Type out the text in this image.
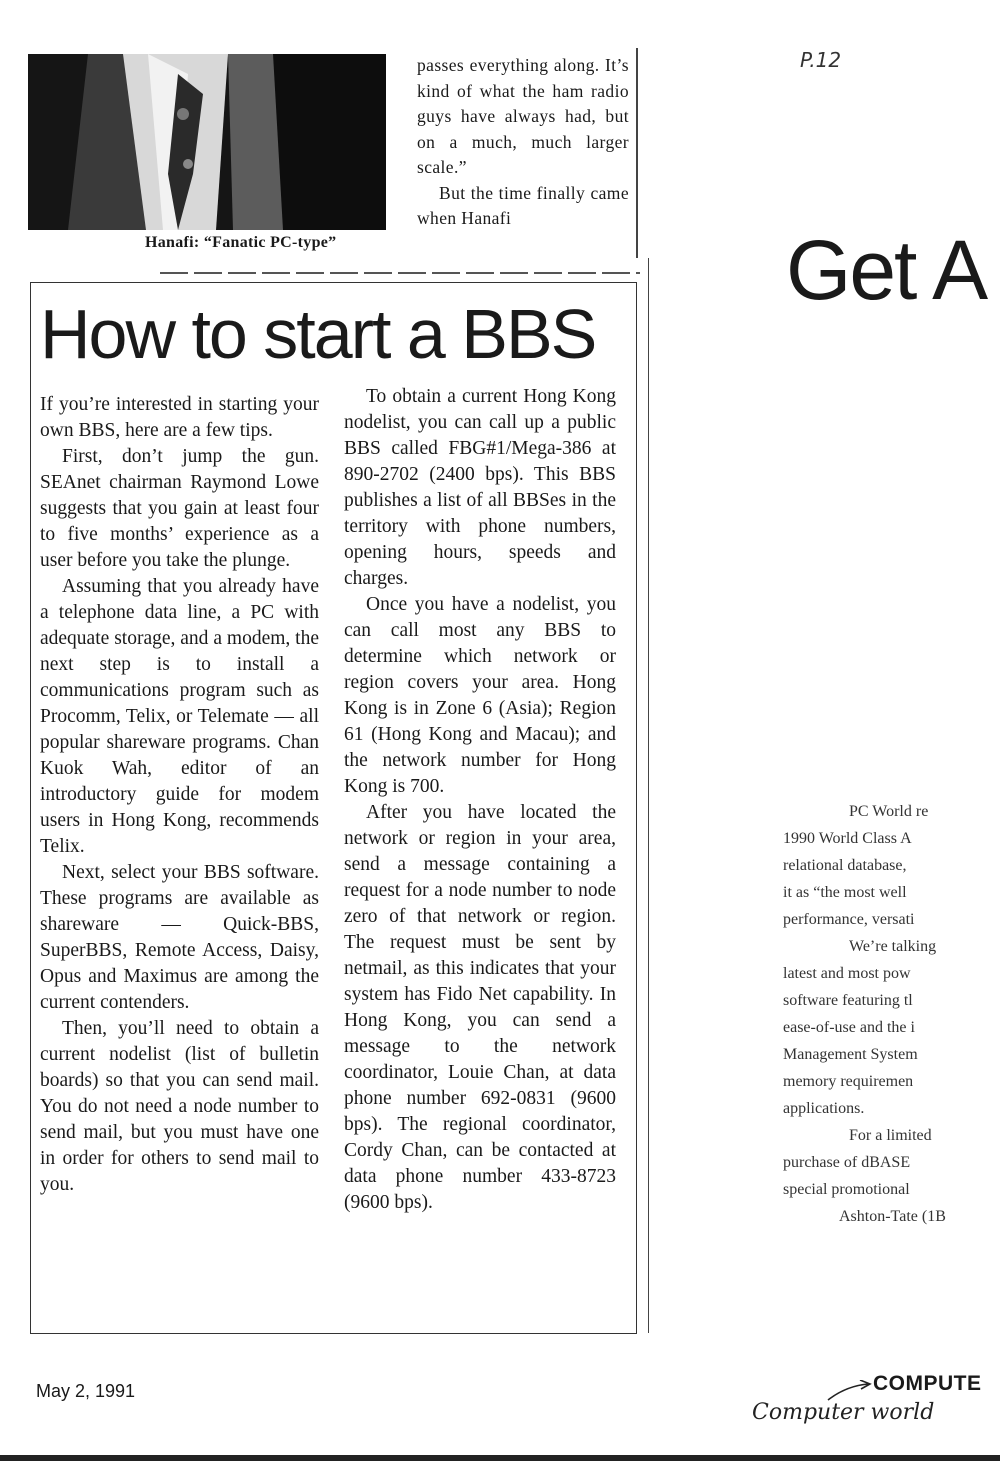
Hanafi: “Fanatic PC-type”

passes everything along. It’s kind of what the ham radio guys have always had, but on a much, much larger scale.”

But the time finally came when Hanafi

How to start a BBS

If you’re interested in starting your own BBS, here are a few tips.

First, don’t jump the gun. SEAnet chairman Raymond Lowe suggests that you gain at least four to five months’ experience as a user before you take the plunge.

Assuming that you already have a telephone data line, a PC with adequate storage, and a modem, the next step is to install a communications program such as Procomm, Telix, or Telemate — all popular shareware programs. Chan Kuok Wah, editor of an introductory guide for modem users in Hong Kong, recommends Telix.

Next, select your BBS software. These programs are available as shareware — Quick-BBS, SuperBBS, Remote Access, Daisy, Opus and Maximus are among the current contenders.

Then, you’ll need to obtain a current nodelist (list of bulletin boards) so that you can send mail. You do not need a node number to send mail, but you must have one in order for others to send mail to you.

To obtain a current Hong Kong nodelist, you can call up a public BBS called FBG#1/Mega-386 at 890-2702 (2400 bps). This BBS publishes a list of all BBSes in the territory with phone numbers, opening hours, speeds and charges.

Once you have a nodelist, you can call most any BBS to determine which network or region covers your area. Hong Kong is in Zone 6 (Asia); Region 61 (Hong Kong and Macau); and the network number for Hong Kong is 700.

After you have located the network or region in your area, send a message containing a request for a node number to node zero of that network or region. The request must be sent by netmail, as this indicates that your system has Fido Net capability. In Hong Kong, you can send a message to the network coordinator, Louie Chan, at data phone number 692-0831 (9600 bps). The regional coordinator, Cordy Chan, can be contacted at data phone number 433-8723 (9600 bps).

May 2, 1991
P.12
Get A
PC World re
1990 World Class A
relational database,
it as “the most well
performance, versati
We’re talking
latest and most pow
software featuring tl
ease-of-use and the i
Management System
memory requiremen
applications.
For a limited
purchase of dBASE
special promotional
Ashton-Tate (1B
COMPUTE
Computer world
